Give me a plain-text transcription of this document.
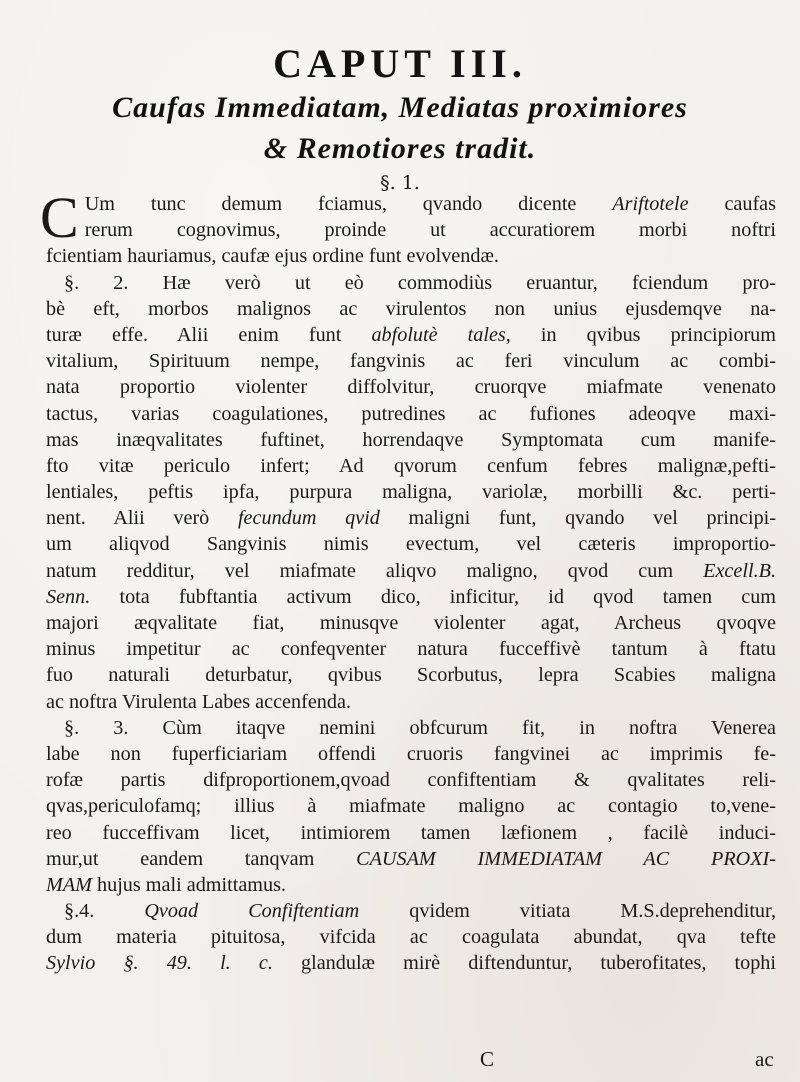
CAPUT III.
Caufas Immediatam, Mediatas proximiores
& Remotiores tradit.
§. 1.
C Um tunc demum fciamus, qvando dicente Ariftotele caufas
rerum cognovimus, proinde ut accuratiorem morbi noftri
fcientiam hauriamus, caufæ ejus ordine funt evolvendæ.
§. 2. Hæ verò ut eò commodiùs eruantur, fciendum pro-
bè eft, morbos malignos ac virulentos non unius ejusdemqve na-
turæ effe. Alii enim funt abfolutè tales, in qvibus principiorum
vitalium, Spirituum nempe, fangvinis ac feri vinculum ac combi-
nata proportio violenter diffolvitur, cruorqve miafmate venenato
tactus, varias coagulationes, putredines ac fufiones adeoqve maxi-
mas inæqvalitates fuftinet, horrendaqve Symptomata cum manife-
fto vitæ periculo infert; Ad qvorum cenfum febres malignæ,pefti-
lentiales, peftis ipfa, purpura maligna, variolæ, morbilli &c. perti-
nent. Alii verò fecundum qvid maligni funt, qvando vel principi-
um aliqvod Sangvinis nimis evectum, vel cæteris improportio-
natum redditur, vel miafmate aliqvo maligno, qvod cum Excell.B.
Senn. tota fubftantia activum dico, inficitur, id qvod tamen cum
majori æqvalitate fiat, minusqve violenter agat, Archeus qvoqve
minus impetitur ac confeqventer natura fucceffivè tantum à ftatu
fuo naturali deturbatur, qvibus Scorbutus, lepra Scabies maligna
ac noftra Virulenta Labes accenfenda.
§. 3. Cùm itaqve nemini obfcurum fit, in noftra Venerea
labe non fuperficiariam offendi cruoris fangvinei ac imprimis fe-
rofæ partis difproportionem,qvoad confiftentiam & qvalitates reli-
qvas,periculofamq; illius à miafmate maligno ac contagio to,vene-
reo fucceffivam licet, intimiorem tamen læfionem , facilè induci-
mur,ut eandem tanqvam CAUSAM IMMEDIATAM AC PROXI-
MAM hujus mali admittamus.
§.4. Qvoad Confiftentiam qvidem vitiata M.S.deprehenditur,
dum materia pituitosa, vifcida ac coagulata abundat, qva tefte
Sylvio §. 49. l. c. glandulæ mirè diftenduntur, tuberofitates, tophi
C	ac
